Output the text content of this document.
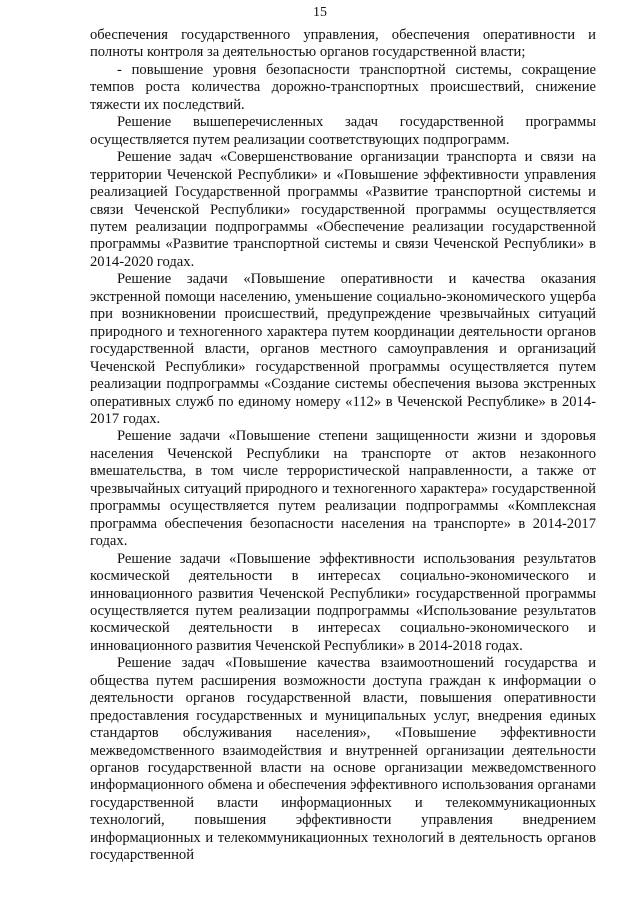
15

обеспечения государственного управления, обеспечения оперативности и полноты контроля за деятельностью органов государственной власти;

- повышение уровня безопасности транспортной системы, сокращение темпов роста количества дорожно-транспортных происшествий, снижение тяжести их последствий.

Решение вышеперечисленных задач государственной программы осуществляется путем реализации соответствующих подпрограмм.

Решение задач «Совершенствование организации транспорта и связи на территории Чеченской Республики» и «Повышение эффективности управления реализацией Государственной программы «Развитие транспортной системы и связи Чеченской Республики» государственной программы осуществляется путем реализации подпрограммы «Обеспечение реализации государственной программы «Развитие транспортной системы и связи Чеченской Республики» в 2014-2020 годах.

Решение задачи «Повышение оперативности и качества оказания экстренной помощи населению, уменьшение социально-экономического ущерба при возникновении происшествий, предупреждение чрезвычайных ситуаций природного и техногенного характера путем координации деятельности органов государственной власти, органов местного самоуправления и организаций Чеченской Республики» государственной программы осуществляется путем реализации подпрограммы «Создание системы обеспечения вызова экстренных оперативных служб по единому номеру «112» в Чеченской Республике» в 2014-2017 годах.

Решение задачи «Повышение степени защищенности жизни и здоровья населения Чеченской Республики на транспорте от актов незаконного вмешательства, в том числе террористической направленности, а также от чрезвычайных ситуаций природного и техногенного характера» государственной программы осуществляется путем реализации подпрограммы «Комплексная программа обеспечения безопасности населения на транспорте» в 2014-2017 годах.

Решение задачи «Повышение эффективности использования результатов космической деятельности в интересах социально-экономического и инновационного развития Чеченской Республики» государственной программы осуществляется путем реализации подпрограммы «Использование результатов космической деятельности в интересах социально-экономического и инновационного развития Чеченской Республики» в 2014-2018 годах.

Решение задач «Повышение качества взаимоотношений государства и общества путем расширения возможности доступа граждан к информации о деятельности органов государственной власти, повышения оперативности предоставления государственных и муниципальных услуг, внедрения единых стандартов обслуживания населения», «Повышение эффективности межведомственного взаимодействия и внутренней организации деятельности органов государственной власти на основе организации межведомственного информационного обмена и обеспечения эффективного использования органами государственной власти информационных и телекоммуникационных технологий, повышения эффективности управления внедрением информационных и телекоммуникационных технологий в деятельность органов государственной
